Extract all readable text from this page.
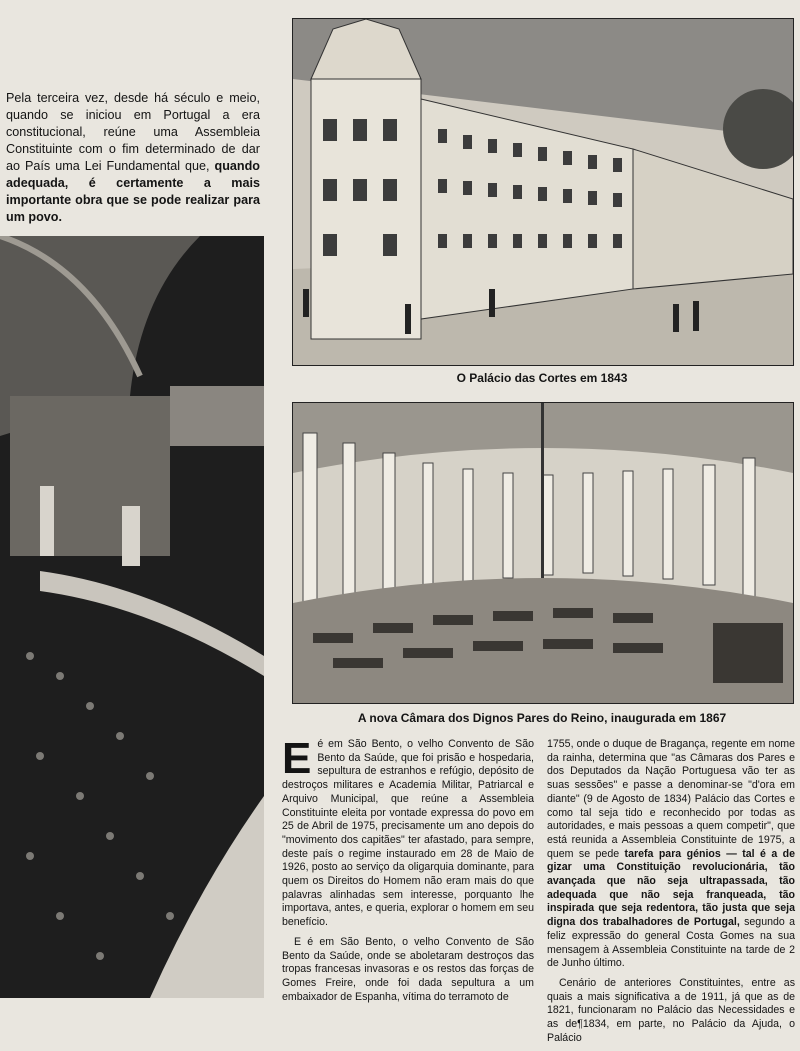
Pela terceira vez, desde há século e meio, quando se iniciou em Portugal a era constitucional, reúne uma Assembleia Constituinte com o fim determinado de dar ao País uma Lei Fundamental que, quando adequada, é certamente a mais importante obra que se pode realizar para um povo.

O Palácio das Cortes em 1843

A nova Câmara dos Dignos Pares do Reino, inaugurada em 1867

Eé em São Bento, o velho Convento de São Bento da Saúde, que foi prisão e hospedaria, sepultura de estranhos e refúgio, depósito de destroços militares e Academia Militar, Patriarcal e Arquivo Municipal, que reúne a Assembleia Constituinte eleita por vontade expressa do povo em 25 de Abril de 1975, precisamente um ano depois do "movimento dos capitães" ter afastado, para sempre, deste país o regime instaurado em 28 de Maio de 1926, posto ao serviço da oligarquia dominante, para quem os Direitos do Homem não eram mais do que palavras alinhadas sem interesse, porquanto lhe importava, antes, e queria, explorar o homem em seu benefício.

E é em São Bento, o velho Convento de São Bento da Saúde, onde se aboletaram destroços das tropas francesas invasoras e os restos das forças de Gomes Freire, onde foi dada sepultura a um embaixador de Espanha, vítima do terramoto de

1755, onde o duque de Bragança, regente em nome da rainha, determina que "as Câmaras dos Pares e dos Deputados da Nação Portuguesa vão ter as suas sessões" e passe a denominar-se "d'ora em diante" (9 de Agosto de 1834) Palácio das Cortes e como tal seja tido e reconhecido por todas as autoridades, e mais pessoas a quem competir", que está reunida a Assembleia Constituinte de 1975, a quem se pede tarefa para génios — tal é a de gizar uma Constituição revolucionária, tão avançada que não seja ultrapassada, tão adequada que não seja franqueada, tão inspirada que seja redentora, tão justa que seja digna dos trabalhadores de Portugal, segundo a feliz expressão do general Costa Gomes na sua mensagem à Assembleia Constituinte na tarde de 2 de Junho último.

Cenário de anteriores Constituintes, entre as quais a mais significativa a de 1911, já que as de 1821, funcionaram no Palácio das Necessidades e as de¶1834, em parte, no Palácio da Ajuda, o Palácio
